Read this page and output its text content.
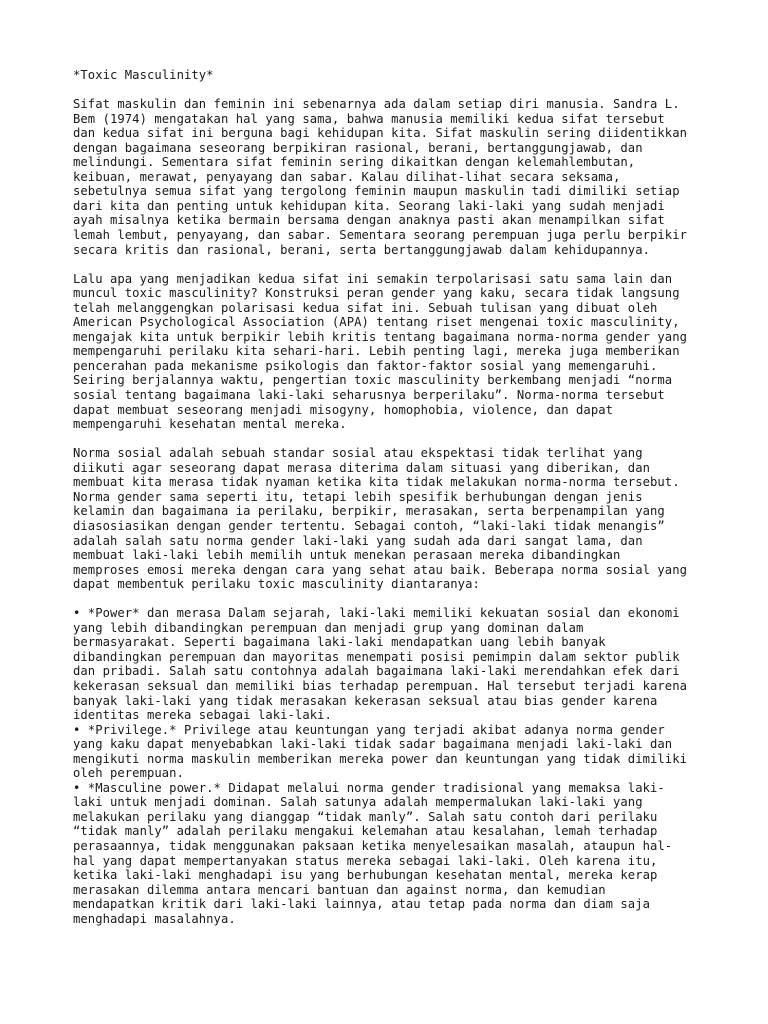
*Toxic Masculinity*
Sifat maskulin dan feminin ini sebenarnya ada dalam setiap diri manusia. Sandra L.
Bem (1974) mengatakan hal yang sama, bahwa manusia memiliki kedua sifat tersebut
dan kedua sifat ini berguna bagi kehidupan kita. Sifat maskulin sering diidentikkan
dengan bagaimana seseorang berpikiran rasional, berani, bertanggungjawab, dan
melindungi. Sementara sifat feminin sering dikaitkan dengan kelemahlembutan,
keibuan, merawat, penyayang dan sabar. Kalau dilihat-lihat secara seksama,
sebetulnya semua sifat yang tergolong feminin maupun maskulin tadi dimiliki setiap
dari kita dan penting untuk kehidupan kita. Seorang laki-laki yang sudah menjadi
ayah misalnya ketika bermain bersama dengan anaknya pasti akan menampilkan sifat
lemah lembut, penyayang, dan sabar. Sementara seorang perempuan juga perlu berpikir
secara kritis dan rasional, berani, serta bertanggungjawab dalam kehidupannya.
Lalu apa yang menjadikan kedua sifat ini semakin terpolarisasi satu sama lain dan
muncul toxic masculinity? Konstruksi peran gender yang kaku, secara tidak langsung
telah melanggengkan polarisasi kedua sifat ini. Sebuah tulisan yang dibuat oleh
American Psychological Association (APA) tentang riset mengenai toxic masculinity,
mengajak kita untuk berpikir lebih kritis tentang bagaimana norma-norma gender yang
mempengaruhi perilaku kita sehari-hari. Lebih penting lagi, mereka juga memberikan
pencerahan pada mekanisme psikologis dan faktor-faktor sosial yang memengaruhi.
Seiring berjalannya waktu, pengertian toxic masculinity berkembang menjadi “norma
sosial tentang bagaimana laki-laki seharusnya berperilaku”. Norma-norma tersebut
dapat membuat seseorang menjadi misogyny, homophobia, violence, dan dapat
mempengaruhi kesehatan mental mereka.
Norma sosial adalah sebuah standar sosial atau ekspektasi tidak terlihat yang
diikuti agar seseorang dapat merasa diterima dalam situasi yang diberikan, dan
membuat kita merasa tidak nyaman ketika kita tidak melakukan norma-norma tersebut.
Norma gender sama seperti itu, tetapi lebih spesifik berhubungan dengan jenis
kelamin dan bagaimana ia perilaku, berpikir, merasakan, serta berpenampilan yang
diasosiasikan dengan gender tertentu. Sebagai contoh, “laki-laki tidak menangis”
adalah salah satu norma gender laki-laki yang sudah ada dari sangat lama, dan
membuat laki-laki lebih memilih untuk menekan perasaan mereka dibandingkan
memproses emosi mereka dengan cara yang sehat atau baik. Beberapa norma sosial yang
dapat membentuk perilaku toxic masculinity diantaranya:
• *Power* dan merasa Dalam sejarah, laki-laki memiliki kekuatan sosial dan ekonomi
yang lebih dibandingkan perempuan dan menjadi grup yang dominan dalam
bermasyarakat. Seperti bagaimana laki-laki mendapatkan uang lebih banyak
dibandingkan perempuan dan mayoritas menempati posisi pemimpin dalam sektor publik
dan pribadi. Salah satu contohnya adalah bagaimana laki-laki merendahkan efek dari
kekerasan seksual dan memiliki bias terhadap perempuan. Hal tersebut terjadi karena
banyak laki-laki yang tidak merasakan kekerasan seksual atau bias gender karena
identitas mereka sebagai laki-laki.
• *Privilege.* Privilege atau keuntungan yang terjadi akibat adanya norma gender
yang kaku dapat menyebabkan laki-laki tidak sadar bagaimana menjadi laki-laki dan
mengikuti norma maskulin memberikan mereka power dan keuntungan yang tidak dimiliki
oleh perempuan.
• *Masculine power.* Didapat melalui norma gender tradisional yang memaksa laki-
laki untuk menjadi dominan. Salah satunya adalah mempermalukan laki-laki yang
melakukan perilaku yang dianggap “tidak manly”. Salah satu contoh dari perilaku
“tidak manly” adalah perilaku mengakui kelemahan atau kesalahan, lemah terhadap
perasaannya, tidak menggunakan paksaan ketika menyelesaikan masalah, ataupun hal-
hal yang dapat mempertanyakan status mereka sebagai laki-laki. Oleh karena itu,
ketika laki-laki menghadapi isu yang berhubungan kesehatan mental, mereka kerap
merasakan dilemma antara mencari bantuan dan against norma, dan kemudian
mendapatkan kritik dari laki-laki lainnya, atau tetap pada norma dan diam saja
menghadapi masalahnya.
